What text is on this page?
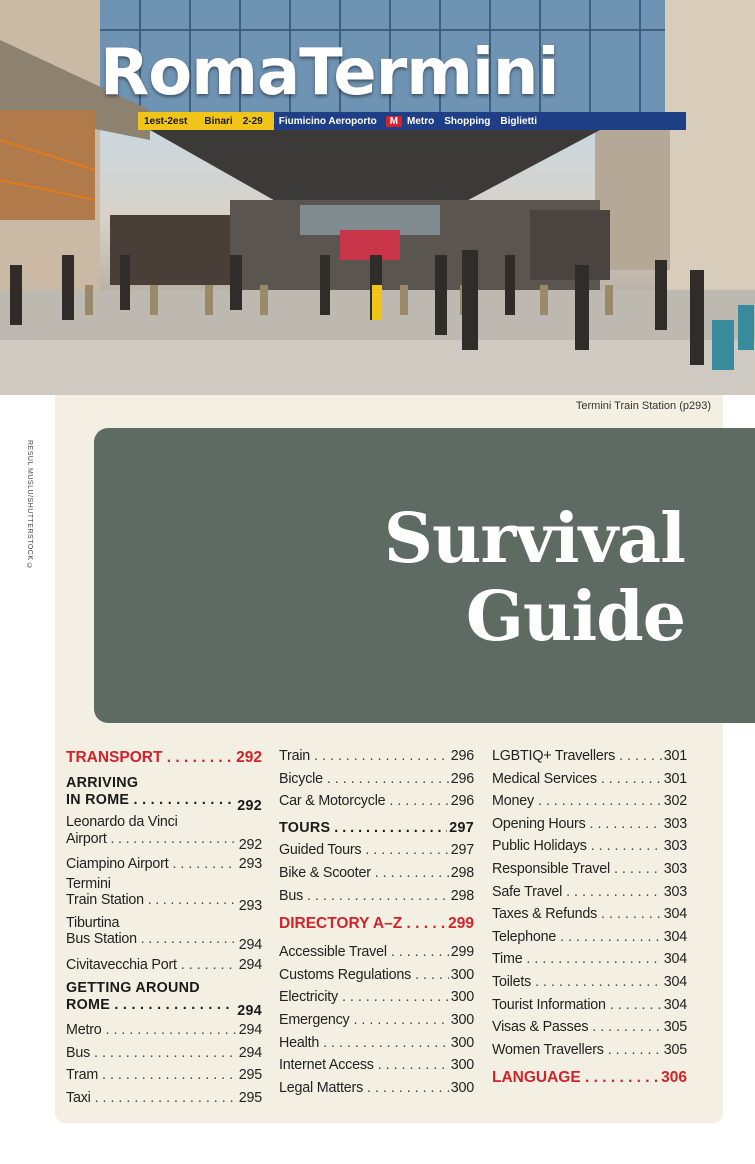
RomaTermini
1est-2est	Binari	2-29	Fiumicino Aeroporto	M Metro	Shopping	Biglietti
Termini Train Station (p293)
RESUL MUSLU/SHUTTERSTOCK ©	Survival
Guide
TRANSPORT . . .	292
ARRIVING
IN ROME . . .	292
Leonardo da Vinci
Airport . . .	292
Ciampino Airport . . .	293
Termini
Train Station . . .	293
Tiburtina
Bus Station . . .	294
Civitavecchia Port . . .	294
GETTING AROUND
ROME . . .	294
Metro . . .	294
Bus . . .	294
Tram . . .	295
Taxi . . .	295
Train . . .	296
Bicycle . . .	296
Car & Motorcycle . . .	296
TOURS . . .	297
Guided Tours . . .	297
Bike & Scooter . . .	298
Bus . . .	298
DIRECTORY A–Z . . .	299
Accessible Travel . . .	299
Customs Regulations . . .	300
Electricity . . .	300
Emergency . . .	300
Health . . .	300
Internet Access . . .	300
Legal Matters . . .	300
LGBTIQ+ Travellers . . .	301
Medical Services . . .	301
Money . . .	302
Opening Hours . . .	303
Public Holidays . . .	303
Responsible Travel . . .	303
Safe Travel . . .	303
Taxes & Refunds . . .	304
Telephone . . .	304
Time . . .	304
Toilets . . .	304
Tourist Information . . .	304
Visas & Passes . . .	305
Women Travellers . . .	305
LANGUAGE . . .	306
